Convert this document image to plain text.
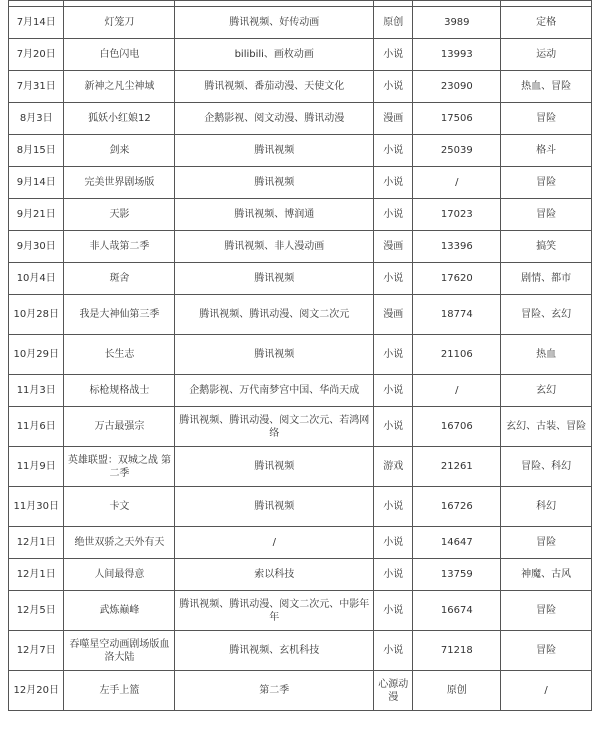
7月14日	灯笼刀	腾讯视频、好传动画	原创	3989	定格
7月20日	白色闪电	bilibili、画枚动画	小说	13993	运动
7月31日	新神之凡尘神域	腾讯视频、番茄动漫、天使文化	小说	23090	热血、冒险
8月3日	狐妖小红娘12	企鹅影视、阅文动漫、腾讯动漫	漫画	17506	冒险
8月15日	剑来	腾讯视频	小说	25039	格斗
9月14日	完美世界剧场版	腾讯视频	小说	/	冒险
9月21日	天影	腾讯视频、博润通	小说	17023	冒险
9月30日	非人哉第二季	腾讯视频、非人漫动画	漫画	13396	搞笑
10月4日	斑舍	腾讯视频	小说	17620	剧情、都市
10月28日	我是大神仙第三季	腾讯视频、腾讯动漫、阅文二次元	漫画	18774	冒险、玄幻
10月29日	长生志	腾讯视频	小说	21106	热血
11月3日	标枪规格战士	企鹅影视、万代南梦宫中国、华尚天成	小说	/	玄幻
11月6日	万古最强宗	腾讯视频、腾讯动漫、阅文二次元、若鸿网络	小说	16706	玄幻、古装、冒险
11月9日	英雄联盟：双城之战 第二季	腾讯视频	游戏	21261	冒险、科幻
11月30日	卡文	腾讯视频	小说	16726	科幻
12月1日	绝世双骄之天外有天	/	小说	14647	冒险
12月1日	人间最得意	索以科技	小说	13759	神魔、古风
12月5日	武炼巅峰	腾讯视频、腾讯动漫、阅文二次元、中影年年	小说	16674	冒险
12月7日	吞噬星空动画剧场版血洛大陆	腾讯视频、玄机科技	小说	71218	冒险
12月20日	左手上篮	第二季	心源动漫	原创	/
